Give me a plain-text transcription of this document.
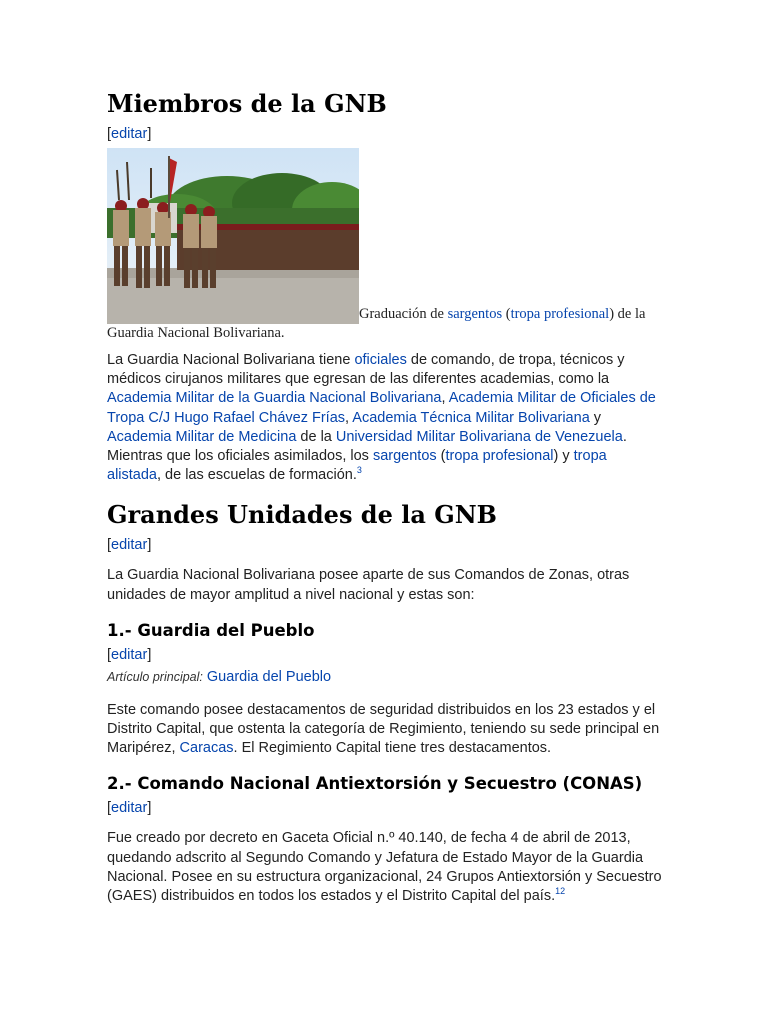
Miembros de la GNB
[editar]
Graduación de sargentos (tropa profesional) de la Guardia Nacional Bolivariana.

La Guardia Nacional Bolivariana tiene oficiales de comando, de tropa, técnicos y médicos cirujanos militares que egresan de las diferentes academias, como la Academia Militar de la Guardia Nacional Bolivariana, Academia Militar de Oficiales de Tropa C/J Hugo Rafael Chávez Frías, Academia Técnica Militar Bolivariana y Academia Militar de Medicina de la Universidad Militar Bolivariana de Venezuela. Mientras que los oficiales asimilados, los sargentos (tropa profesional) y tropa alistada, de las escuelas de formación.$^3$

Grandes Unidades de la GNB
[editar]

La Guardia Nacional Bolivariana posee aparte de sus Comandos de Zonas, otras unidades de mayor amplitud a nivel nacional y estas son:

1.- Guardia del Pueblo
[editar]
Artículo principal: Guardia del Pueblo

Este comando posee destacamentos de seguridad distribuidos en los 23 estados y el Distrito Capital, que ostenta la categoría de Regimiento, teniendo su sede principal en Maripérez, Caracas. El Regimiento Capital tiene tres destacamentos.

2.- Comando Nacional Antiextorsión y Secuestro (CONAS)
[editar]

Fue creado por decreto en Gaceta Oficial n.º 40.140, de fecha 4 de abril de 2013, quedando adscrito al Segundo Comando y Jefatura de Estado Mayor de la Guardia Nacional. Posee en su estructura organizacional, 24 Grupos Antiextorsión y Secuestro (GAES) distribuidos en todos los estados y el Distrito Capital del país.$^{12}$
